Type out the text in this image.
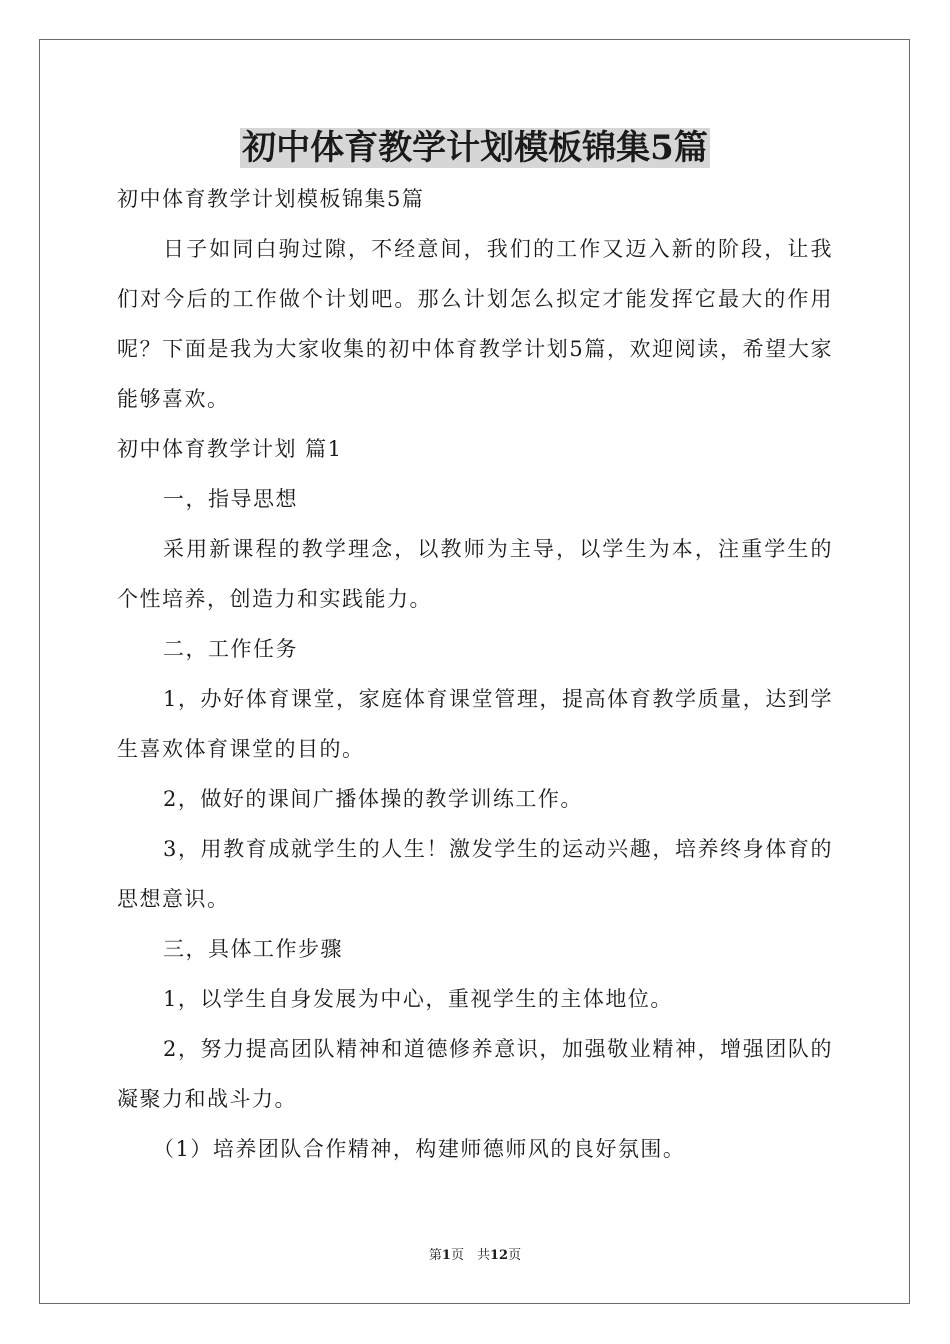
初中体育教学计划模板锦集5篇

初中体育教学计划模板锦集5篇

日子如同白驹过隙，不经意间，我们的工作又迈入新的阶段，让我们对今后的工作做个计划吧。那么计划怎么拟定才能发挥它最大的作用呢？下面是我为大家收集的初中体育教学计划5篇，欢迎阅读，希望大家能够喜欢。

初中体育教学计划 篇1

一，指导思想

采用新课程的教学理念，以教师为主导，以学生为本，注重学生的个性培养，创造力和实践能力。

二，工作任务

1，办好体育课堂，家庭体育课堂管理，提高体育教学质量，达到学生喜欢体育课堂的目的。

2，做好的课间广播体操的教学训练工作。

3，用教育成就学生的人生！激发学生的运动兴趣，培养终身体育的思想意识。

三，具体工作步骤

1，以学生自身发展为中心，重视学生的主体地位。

2，努力提高团队精神和道德修养意识，加强敬业精神，增强团队的凝聚力和战斗力。

（1）培养团队合作精神，构建师德师风的良好氛围。

第1页　共12页
